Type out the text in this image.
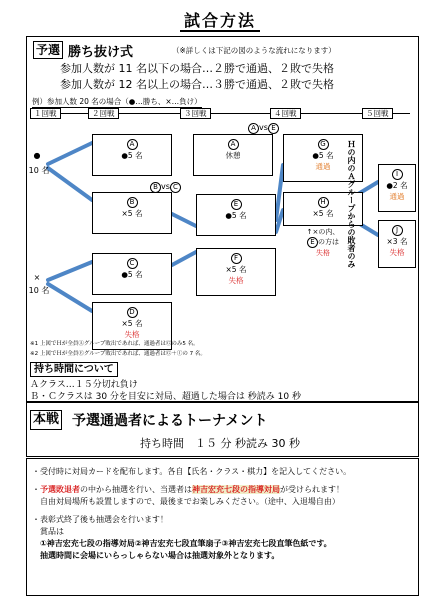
試合方法
予選 勝ち抜け式	（※詳しくは下記の図のような流れになります）
参加人数が 11 名以下の場合…２勝で通過、２敗で失格
参加人数が 12 名以上の場合…３勝で通過、２敗で失格
例）参加人数 20 名の場合（●…勝ち、×…負け）
１回戦	２回戦	３回戦	４回戦	５回戦
●
10 名
×
10 名
A
●5 名
B
×5 名
C
●5 名
D
×5 名
失格
B vs C
A vs E
A
休憩
E
●5 名
F
×5 名
失格
G
●5 名
通過
H
×5 名
↑×の内、
E の方は
失格	Ｈの内のＡグループからの敗者のみ	I
●2 名
通過
J
×3 名
失格
※1 上図でＨが全員Ⓐグループ敗出であれば、通過者はⒼのみ5 名。
※2 上図でＨが全員Ⓔグループ敗出であれば、通過者はⒼ＋Ⓘの 7 名。
持ち時間について
Ａクラス…１５分切れ負け
Ｂ・Ｃクラスは 30 分を目安に対局、超過した場合は 秒読み 10 秒
本戦 予選通過者によるトーナメント
持ち時間　１５ 分 秒読み 30 秒

・受付時に対局カードを配布します。各自【氏名・クラス・棋力】を記入してください。

・予選敗退者の中から抽選を行い、当選者は神吉宏充七段の指導対局が受けられます！

自由対局場所も設置しますので、最後までお楽しみください。（途中、入退場自由）

・表彰式終了後も抽選会を行います！

賞品は

①神吉宏充七段の指導対局②神吉宏充七段直筆扇子③神吉宏充七段直筆色紙です。

抽選時間に会場にいらっしゃらない場合は抽選対象外となります。
